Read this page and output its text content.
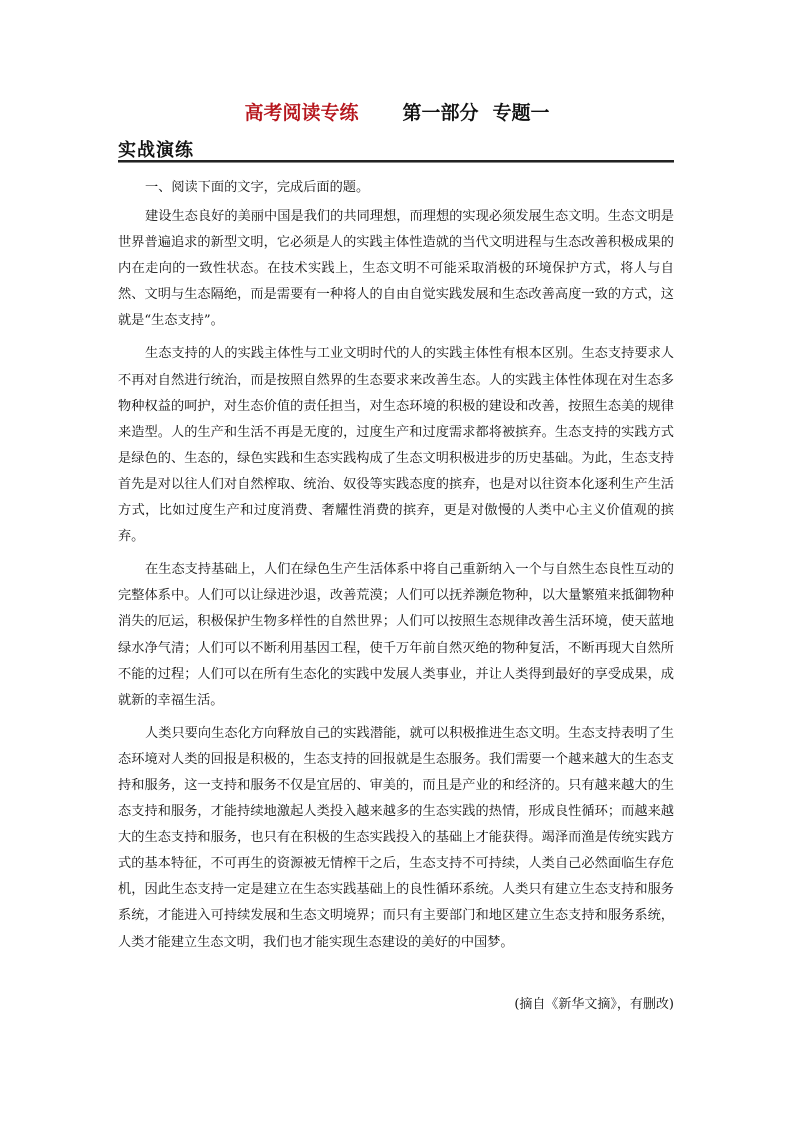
高考阅读专练 第一部分 专题一
实战演练

一、阅读下面的文字，完成后面的题。

建设生态良好的美丽中国是我们的共同理想，而理想的实现必须发展生态文明。生态文明是世界普遍追求的新型文明，它必须是人的实践主体性造就的当代文明进程与生态改善积极成果的内在走向的一致性状态。在技术实践上，生态文明不可能采取消极的环境保护方式，将人与自然、文明与生态隔绝，而是需要有一种将人的自由自觉实践发展和生态改善高度一致的方式，这就是“生态支持”。

生态支持的人的实践主体性与工业文明时代的人的实践主体性有根本区别。生态支持要求人不再对自然进行统治，而是按照自然界的生态要求来改善生态。人的实践主体性体现在对生态多物种权益的呵护，对生态价值的责任担当，对生态环境的积极的建设和改善，按照生态美的规律来造型。人的生产和生活不再是无度的，过度生产和过度需求都将被摈弃。生态支持的实践方式是绿色的、生态的，绿色实践和生态实践构成了生态文明积极进步的历史基础。为此，生态支持首先是对以往人们对自然榨取、统治、奴役等实践态度的摈弃，也是对以往资本化逐利生产生活方式，比如过度生产和过度消费、奢耀性消费的摈弃，更是对傲慢的人类中心主义价值观的摈弃。

在生态支持基础上，人们在绿色生产生活体系中将自己重新纳入一个与自然生态良性互动的完整体系中。人们可以让绿进沙退，改善荒漠；人们可以抚养濒危物种，以大量繁殖来抵御物种消失的厄运，积极保护生物多样性的自然世界；人们可以按照生态规律改善生活环境，使天蓝地绿水净气清；人们可以不断利用基因工程，使千万年前自然灭绝的物种复活，不断再现大自然所不能的过程；人们可以在所有生态化的实践中发展人类事业，并让人类得到最好的享受成果，成就新的幸福生活。

人类只要向生态化方向释放自己的实践潜能，就可以积极推进生态文明。生态支持表明了生态环境对人类的回报是积极的，生态支持的回报就是生态服务。我们需要一个越来越大的生态支持和服务，这一支持和服务不仅是宜居的、审美的，而且是产业的和经济的。只有越来越大的生态支持和服务，才能持续地激起人类投入越来越多的生态实践的热情，形成良性循环；而越来越大的生态支持和服务，也只有在积极的生态实践投入的基础上才能获得。竭泽而渔是传统实践方式的基本特征，不可再生的资源被无情榨干之后，生态支持不可持续，人类自己必然面临生存危机，因此生态支持一定是建立在生态实践基础上的良性循环系统。人类只有建立生态支持和服务系统，才能进入可持续发展和生态文明境界；而只有主要部门和地区建立生态支持和服务系统，人类才能建立生态文明，我们也才能实现生态建设的美好的中国梦。

(摘自《新华文摘》，有删改)
